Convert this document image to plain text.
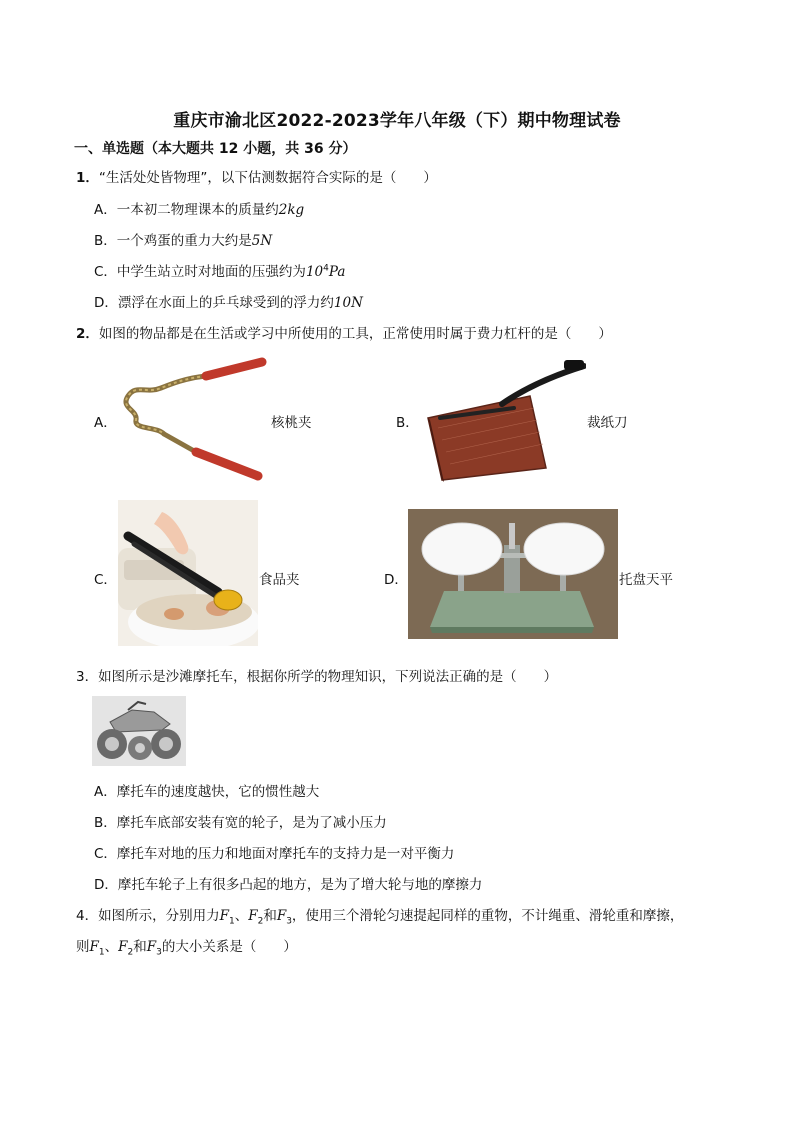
重庆市渝北区2022-2023学年八年级（下）期中物理试卷
一、单选题（本大题共 12 小题，共 36 分）
1．“生活处处皆物理”，以下估测数据符合实际的是（　　）
A．一本初二物理课本的质量约2kg
B．一个鸡蛋的重力大约是5N
C．中学生站立时对地面的压强约为$10^4Pa$
D．漂浮在水面上的乒乓球受到的浮力约10N
2．如图的物品都是在生活或学习中所使用的工具，正常使用时属于费力杠杆的是（　　）
A．	核桃夹	B．	裁纸刀
C．	食品夹	D．	托盘天平
3．如图所示是沙滩摩托车，根据你所学的物理知识，下列说法正确的是（　　）
A．摩托车的速度越快，它的惯性越大
B．摩托车底部安装有宽的轮子，是为了减小压力
C．摩托车对地的压力和地面对摩托车的支持力是一对平衡力
D．摩托车轮子上有很多凸起的地方，是为了增大轮与地的摩擦力
4．如图所示，分别用力$F_1$、$F_2$和$F_3$，使用三个滑轮匀速提起同样的重物，不计绳重、滑轮重和摩擦，
则$F_1$、$F_2$和$F_3$的大小关系是（　　）
